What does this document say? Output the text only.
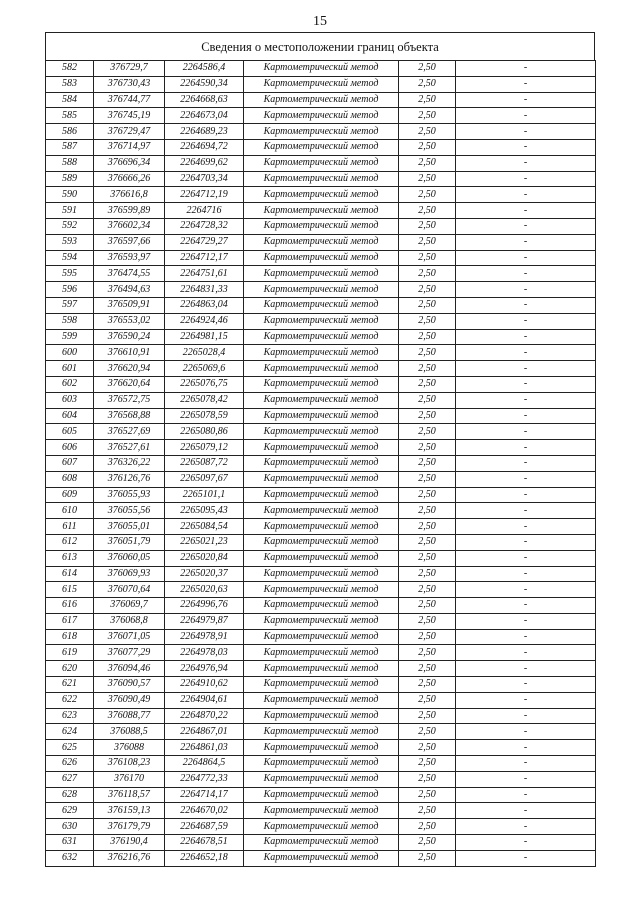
15
Сведения о местоположении границ объекта
582	376729,7	2264586,4	Картометрический метод	2,50	-
583	376730,43	2264590,34	Картометрический метод	2,50	-
584	376744,77	2264668,63	Картометрический метод	2,50	-
585	376745,19	2264673,04	Картометрический метод	2,50	-
586	376729,47	2264689,23	Картометрический метод	2,50	-
587	376714,97	2264694,72	Картометрический метод	2,50	-
588	376696,34	2264699,62	Картометрический метод	2,50	-
589	376666,26	2264703,34	Картометрический метод	2,50	-
590	376616,8	2264712,19	Картометрический метод	2,50	-
591	376599,89	2264716	Картометрический метод	2,50	-
592	376602,34	2264728,32	Картометрический метод	2,50	-
593	376597,66	2264729,27	Картометрический метод	2,50	-
594	376593,97	2264712,17	Картометрический метод	2,50	-
595	376474,55	2264751,61	Картометрический метод	2,50	-
596	376494,63	2264831,33	Картометрический метод	2,50	-
597	376509,91	2264863,04	Картометрический метод	2,50	-
598	376553,02	2264924,46	Картометрический метод	2,50	-
599	376590,24	2264981,15	Картометрический метод	2,50	-
600	376610,91	2265028,4	Картометрический метод	2,50	-
601	376620,94	2265069,6	Картометрический метод	2,50	-
602	376620,64	2265076,75	Картометрический метод	2,50	-
603	376572,75	2265078,42	Картометрический метод	2,50	-
604	376568,88	2265078,59	Картометрический метод	2,50	-
605	376527,69	2265080,86	Картометрический метод	2,50	-
606	376527,61	2265079,12	Картометрический метод	2,50	-
607	376326,22	2265087,72	Картометрический метод	2,50	-
608	376126,76	2265097,67	Картометрический метод	2,50	-
609	376055,93	2265101,1	Картометрический метод	2,50	-
610	376055,56	2265095,43	Картометрический метод	2,50	-
611	376055,01	2265084,54	Картометрический метод	2,50	-
612	376051,79	2265021,23	Картометрический метод	2,50	-
613	376060,05	2265020,84	Картометрический метод	2,50	-
614	376069,93	2265020,37	Картометрический метод	2,50	-
615	376070,64	2265020,63	Картометрический метод	2,50	-
616	376069,7	2264996,76	Картометрический метод	2,50	-
617	376068,8	2264979,87	Картометрический метод	2,50	-
618	376071,05	2264978,91	Картометрический метод	2,50	-
619	376077,29	2264978,03	Картометрический метод	2,50	-
620	376094,46	2264976,94	Картометрический метод	2,50	-
621	376090,57	2264910,62	Картометрический метод	2,50	-
622	376090,49	2264904,61	Картометрический метод	2,50	-
623	376088,77	2264870,22	Картометрический метод	2,50	-
624	376088,5	2264867,01	Картометрический метод	2,50	-
625	376088	2264861,03	Картометрический метод	2,50	-
626	376108,23	2264864,5	Картометрический метод	2,50	-
627	376170	2264772,33	Картометрический метод	2,50	-
628	376118,57	2264714,17	Картометрический метод	2,50	-
629	376159,13	2264670,02	Картометрический метод	2,50	-
630	376179,79	2264687,59	Картометрический метод	2,50	-
631	376190,4	2264678,51	Картометрический метод	2,50	-
632	376216,76	2264652,18	Картометрический метод	2,50	-
